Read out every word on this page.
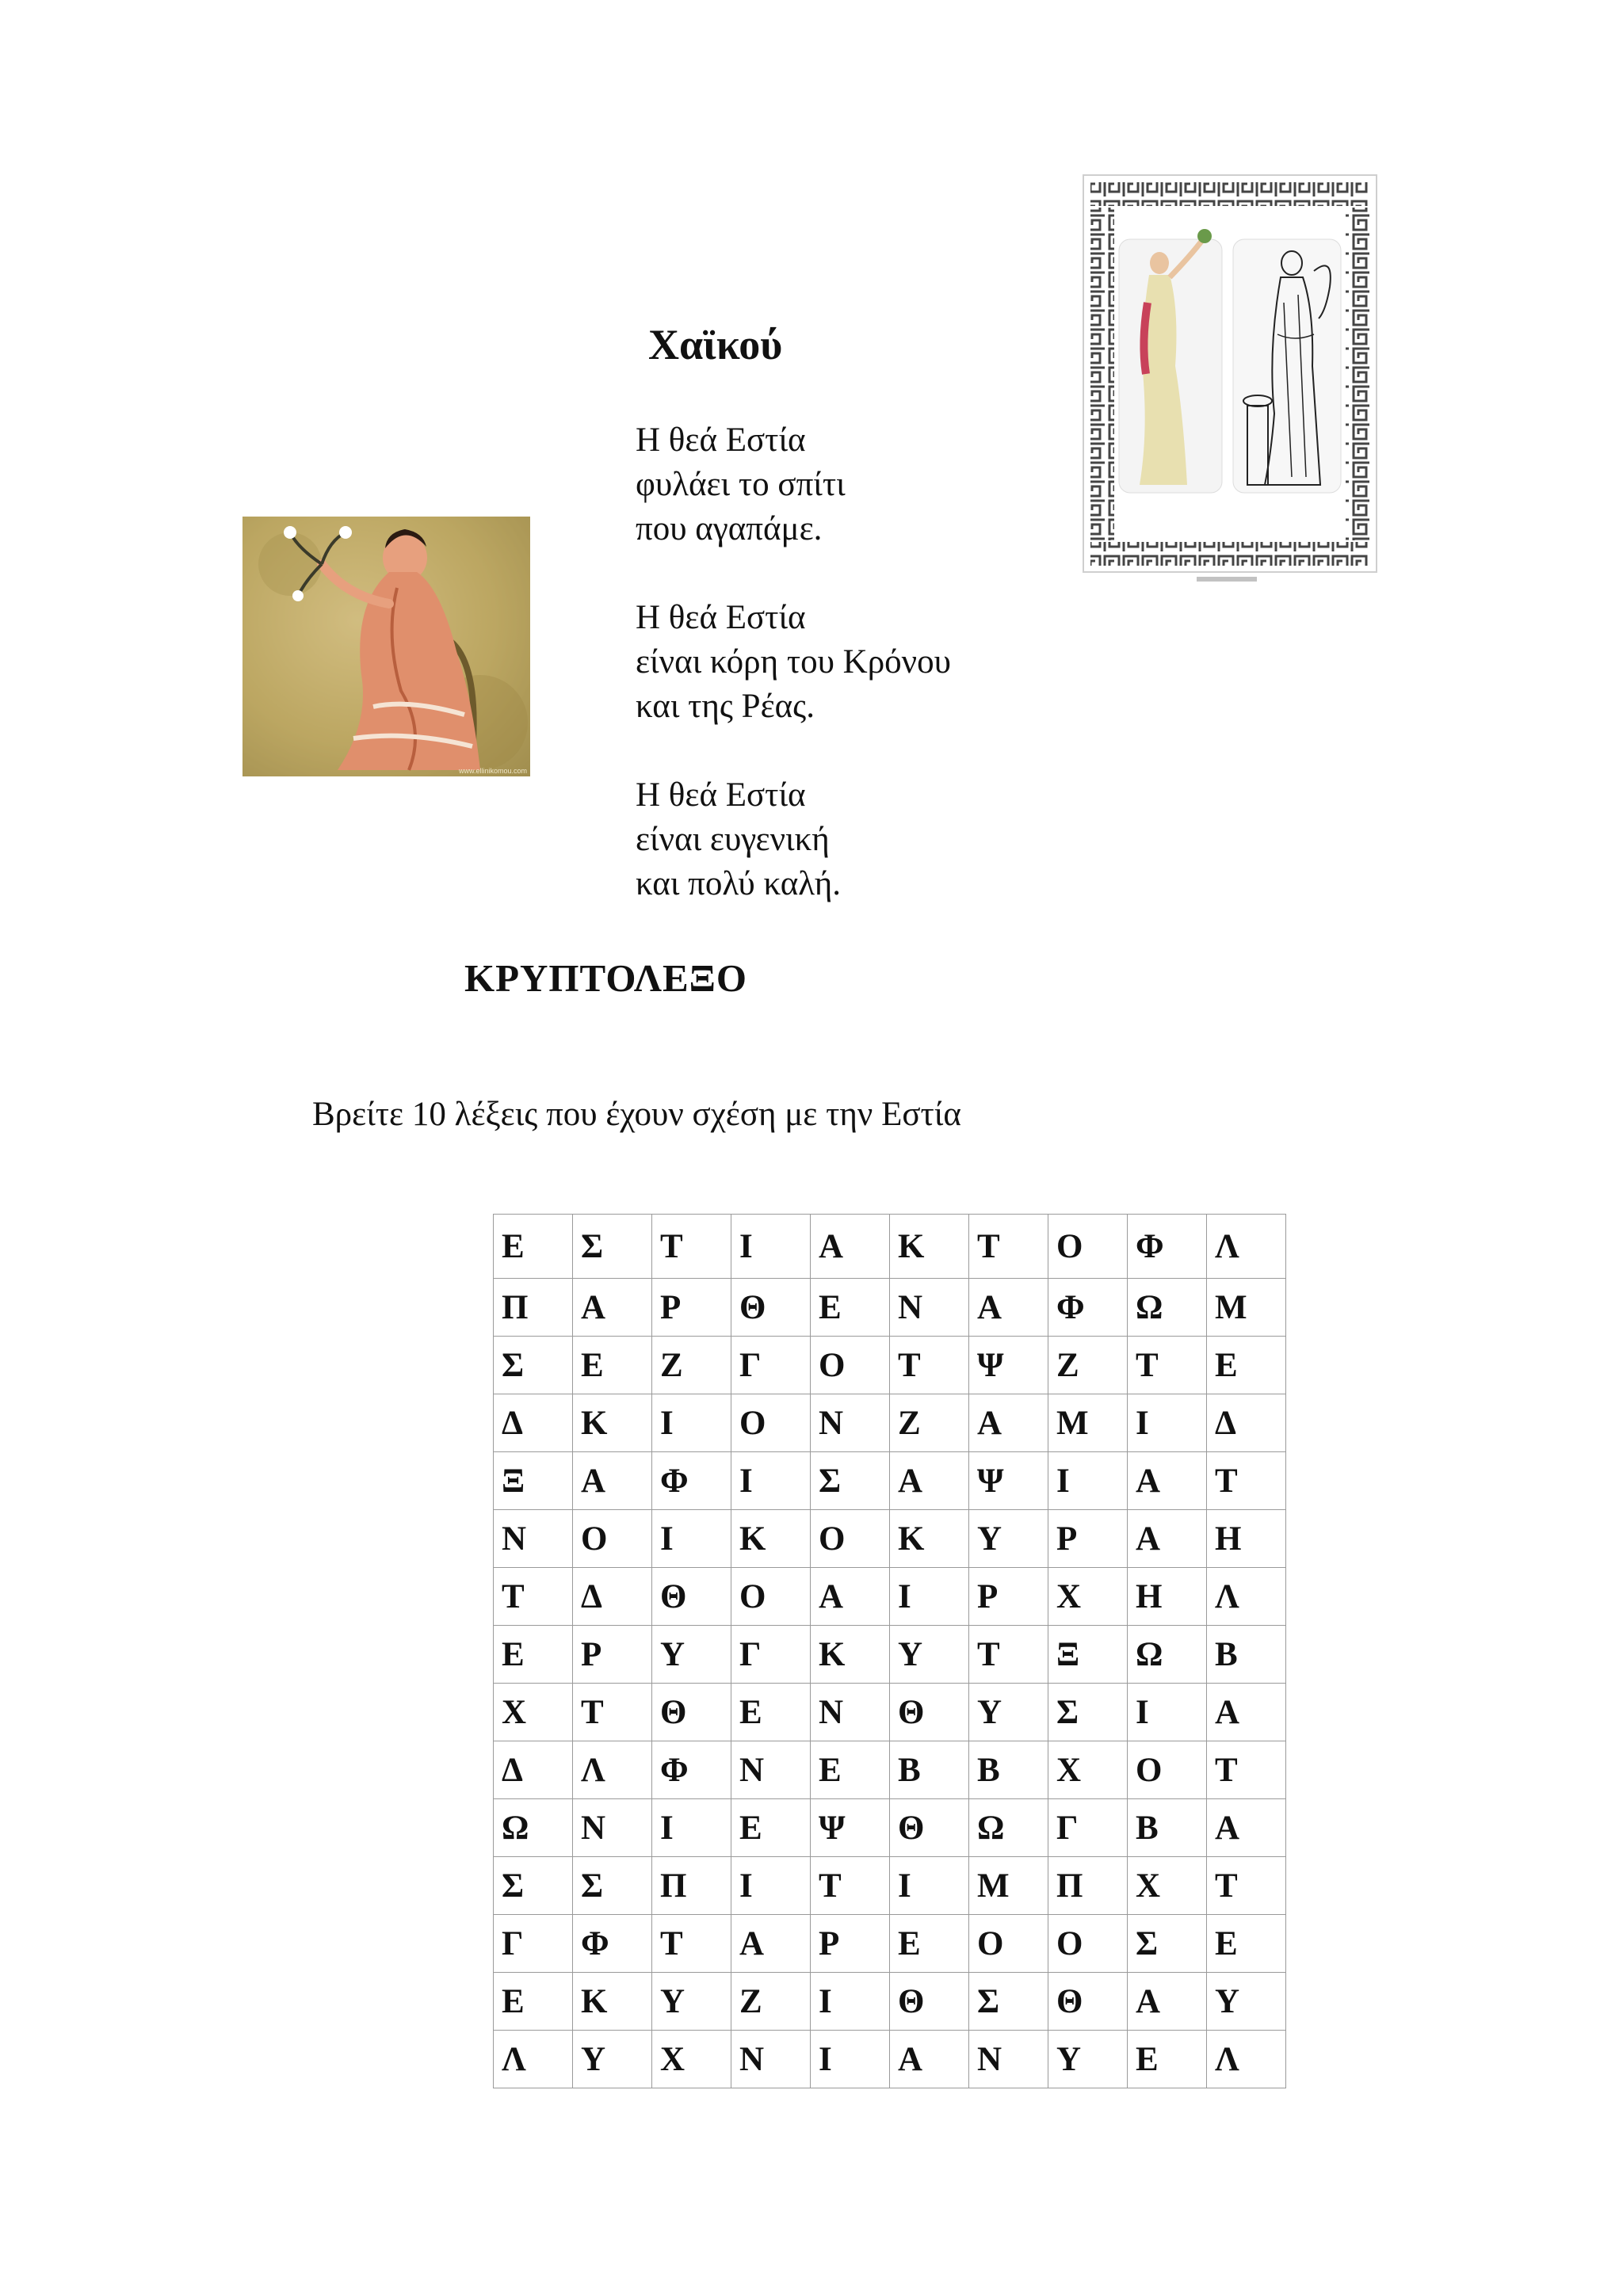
www.ellinikomou.com
Χαϊκού
Η θεά Εστία
φυλάει το σπίτι
που αγαπάμε.
Η θεά Εστία
είναι κόρη του Κρόνου
και της Ρέας.
Η θεά Εστία
είναι ευγενική
και πολύ καλή.
ΚΡΥΠΤΟΛΕΞΟ
Βρείτε 10 λέξεις που έχουν σχέση με την Εστία
Ε	Σ	Τ	Ι	Α	Κ	Τ	Ο	Φ	Λ
Π	Α	Ρ	Θ	Ε	Ν	Α	Φ	Ω	Μ
Σ	Ε	Ζ	Γ	Ο	Τ	Ψ	Ζ	Τ	Ε
Δ	Κ	Ι	Ο	Ν	Ζ	Α	Μ	Ι	Δ
Ξ	Α	Φ	Ι	Σ	Α	Ψ	Ι	Α	Τ
Ν	Ο	Ι	Κ	Ο	Κ	Υ	Ρ	Α	Η
Τ	Δ	Θ	Ο	Α	Ι	Ρ	Χ	Η	Λ
Ε	Ρ	Υ	Γ	Κ	Υ	Τ	Ξ	Ω	Β
Χ	Τ	Θ	Ε	Ν	Θ	Υ	Σ	Ι	Α
Δ	Λ	Φ	Ν	Ε	Β	Β	Χ	Ο	Τ
Ω	Ν	Ι	Ε	Ψ	Θ	Ω	Γ	Β	Α
Σ	Σ	Π	Ι	Τ	Ι	Μ	Π	Χ	Τ
Γ	Φ	Τ	Α	Ρ	Ε	Ο	Ο	Σ	Ε
Ε	Κ	Υ	Ζ	Ι	Θ	Σ	Θ	Α	Υ
Λ	Υ	Χ	Ν	Ι	Α	Ν	Υ	Ε	Λ
